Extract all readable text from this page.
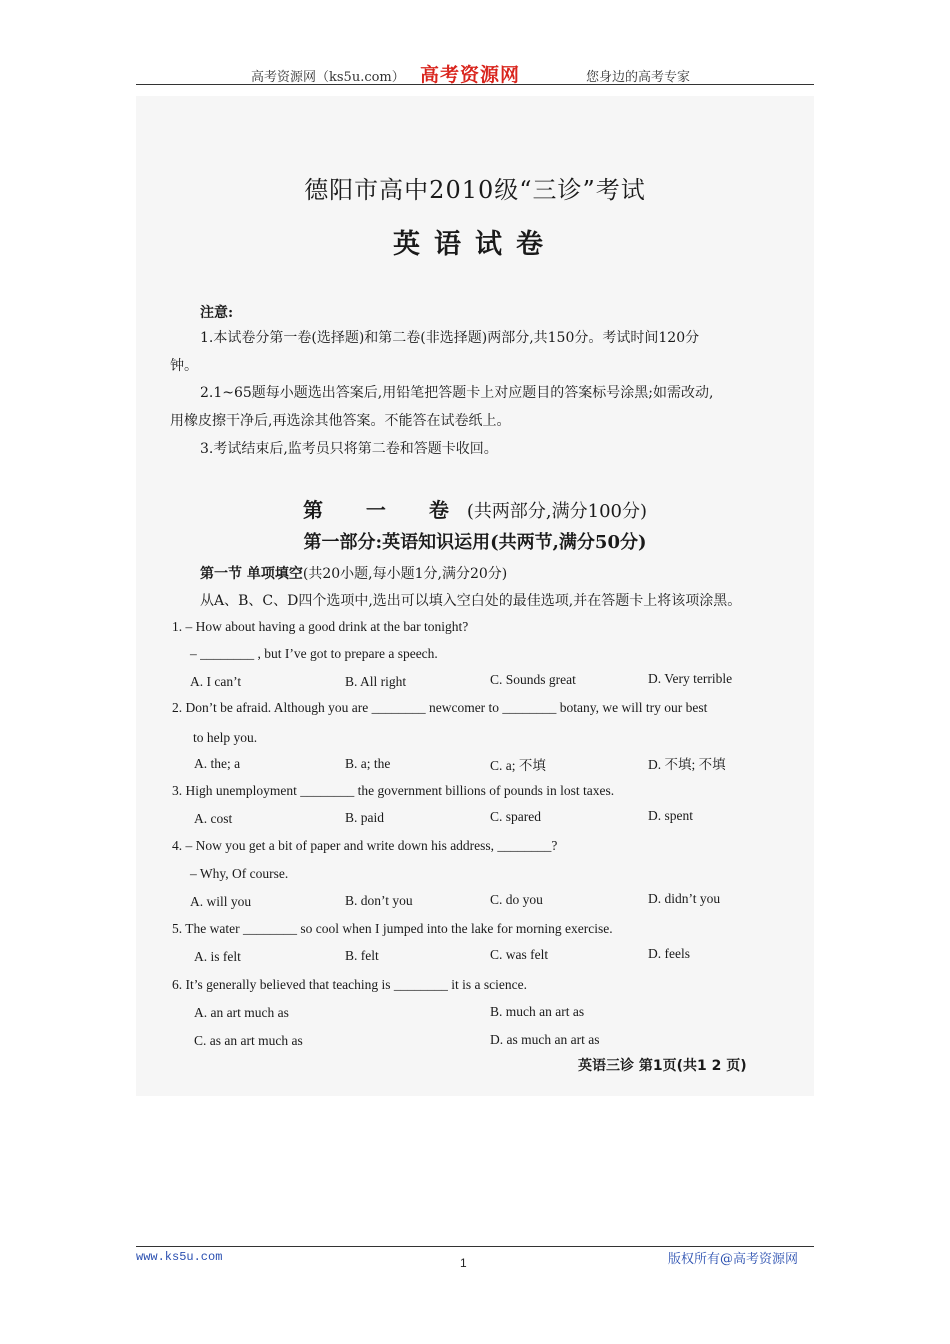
高考资源网（ks5u.com） 高考资源网	您身边的高考专家
德阳市高中2010级“三诊”考试
英语试卷
注意:
1.本试卷分第一卷(选择题)和第二卷(非选择题)两部分,共150分。考试时间120分
钟。
2.1~65题每小题选出答案后,用铅笔把答题卡上对应题目的答案标号涂黑;如需改动,
用橡皮擦干净后,再选涂其他答案。不能答在试卷纸上。
3.考试结束后,监考员只将第二卷和答题卡收回。
第 一 卷(共两部分,满分100分)
第一部分:英语知识运用(共两节,满分50分)
第一节 单项填空(共20小题,每小题1分,满分20分)
从A、B、C、D四个选项中,选出可以填入空白处的最佳选项,并在答题卡上将该项涂黑。
1. – How about having a good drink at the bar tonight?
– ________ , but I’ve got to prepare a speech.
A. I can’t	B. All right	C. Sounds great	D. Very terrible
2. Don’t be afraid. Although you are ________ newcomer to ________ botany, we will try our best
to help you.
A. the; a	B. a; the	C. a; 不填	D. 不填; 不填
3. High unemployment ________ the government billions of pounds in lost taxes.
A. cost	B. paid	C. spared	D. spent
4. – Now you get a bit of paper and write down his address, ________?
– Why, Of course.
A. will you	B. don’t you	C. do you	D. didn’t you
5. The water ________ so cool when I jumped into the lake for morning exercise.
A. is felt	B. felt	C. was felt	D. feels
6. It’s generally believed that teaching is ________ it is a science.
A. an art much as	B. much an art as
C. as an art much as	D. as much an art as
英语三诊 第1页(共1 2 页)
www.ks5u.com	1	版权所有@高考资源网
